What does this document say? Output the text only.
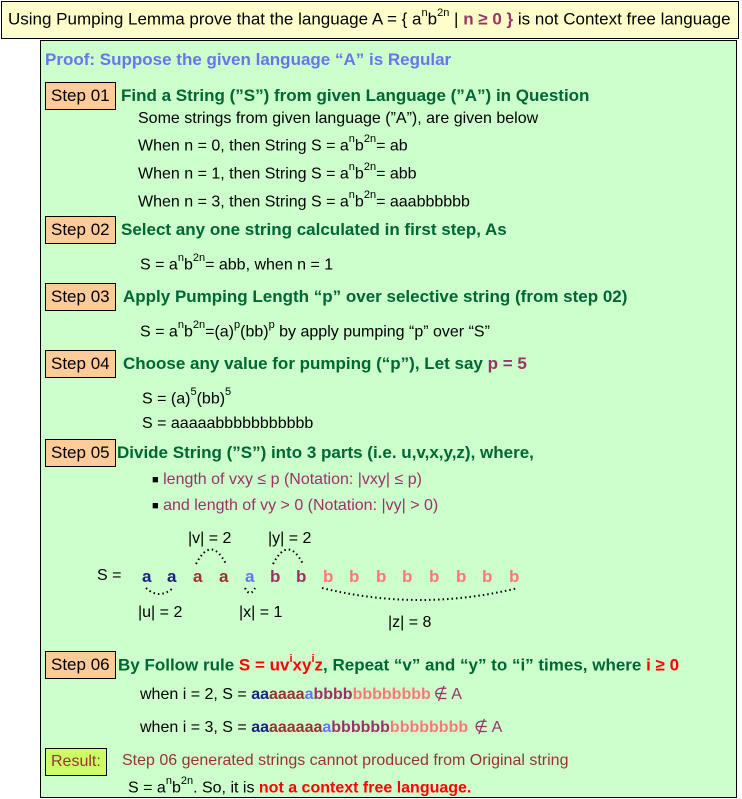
Using Pumping Lemma prove that the language A = { $a^nb^{2n}$ | n ≥ 0 } is not Context free language
Proof: Suppose the given language “A” is Regular
Step 01 Find a String (”S”) from given Language (”A”) in Question
Some strings from given language (”A”), are given below
When n = 0, then String $S = a^nb^{2n}=$ ab
When n = 1, then String $S = a^nb^{2n}=$ abb
When n = 3, then String $S = a^nb^{2n}=$ aaabbbbbb
Step 02 Select any one string calculated in first step, As
$S = a^nb^{2n}=$ abb, when n = 1
Step 03 Apply Pumping Length “p” over selective string (from step 02)
$S = a^nb^{2n}=(a)^p(bb)^p$ by apply pumping “p” over “S”
Step 04 Choose any value for pumping (“p”), Let say p = 5
$S = (a)^5(bb)^5$
S = aaaaabbbbbbbbbbb
Step 05 Divide String (”S”) into 3 parts (i.e. u,v,x,y,z), where,
■ length of vxy ≤ p (Notation: |vxy| ≤ p)
■ and length of vy > 0 (Notation: |vy| > 0)
|v| = 2 |y| = 2
S = a a a a a b b b b b b b b b b
|u| = 2	|x| = 1
|z| = 8
Step 06 By Follow rule $S = uv^ixy^iz$, Repeat “v” and “y” to “i” times, where i ≥ 0
when i = 2, S = aaaaaaabbbbbbbbbbbb ∉ A
when i = 3, S = aaaaaaaaabbbbbbbbbbbbbb ∉ A
Result:	Step 06 generated strings cannot produced from Original string
$S = a^nb^{2n}$. So, it is not a context free language.
